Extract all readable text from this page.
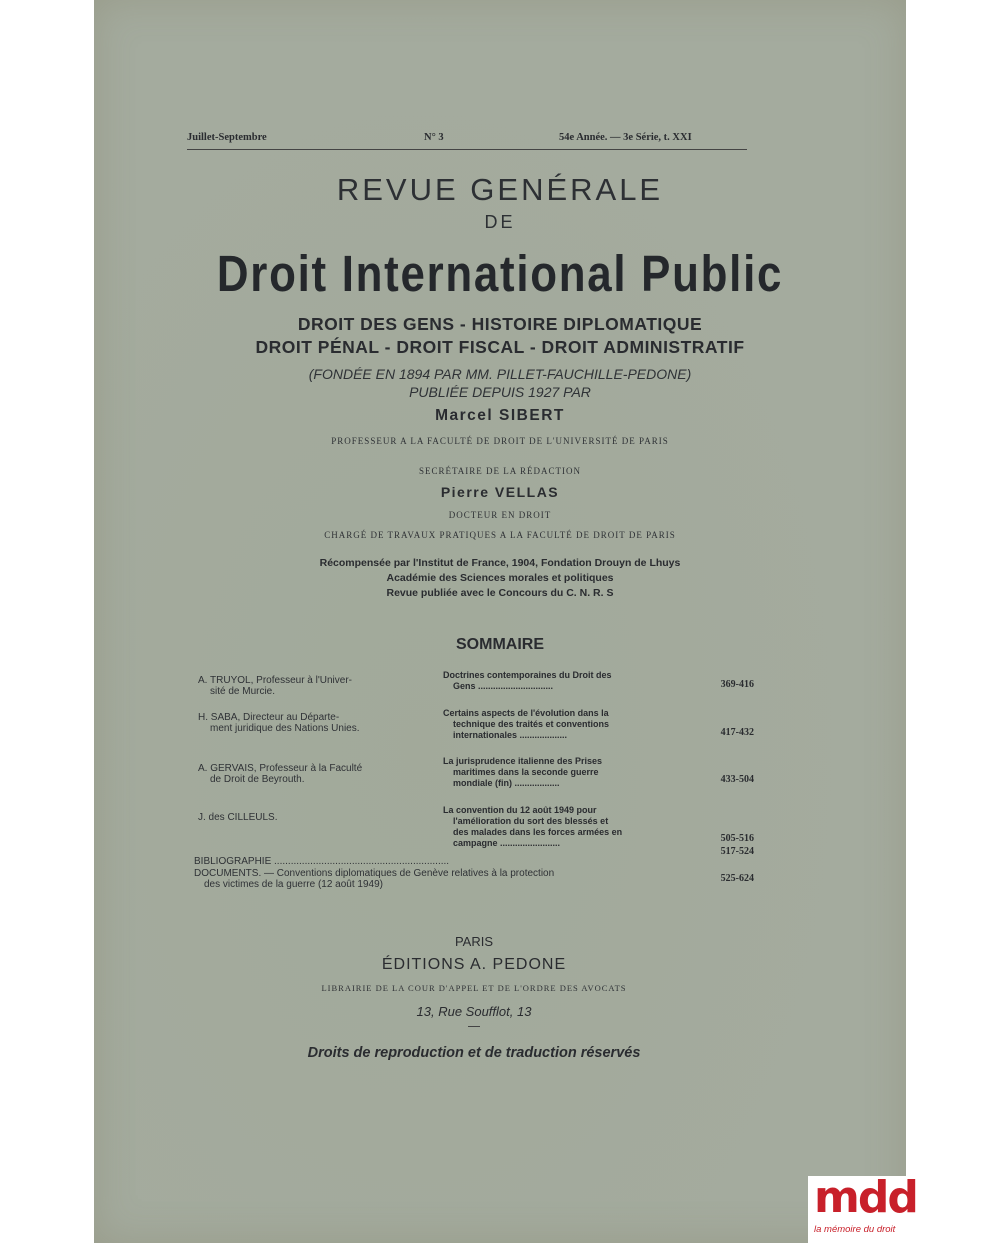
Juillet-Septembre	N° 3	54e Année. — 3e Série, t. XXI
REVUE GENÉRALE
DE
Droit International Public
DROIT DES GENS - HISTOIRE DIPLOMATIQUE
DROIT PÉNAL - DROIT FISCAL - DROIT ADMINISTRATIF
(FONDÉE EN 1894 PAR MM. PILLET-FAUCHILLE-PEDONE)
PUBLIÉE DEPUIS 1927 PAR
Marcel SIBERT
PROFESSEUR A LA FACULTÉ DE DROIT DE L'UNIVERSITÉ DE PARIS
SECRÉTAIRE DE LA RÉDACTION
Pierre VELLAS
DOCTEUR EN DROIT
CHARGÉ DE TRAVAUX PRATIQUES A LA FACULTÉ DE DROIT DE PARIS
Récompensée par l'Institut de France, 1904, Fondation Drouyn de Lhuys
Académie des Sciences morales et politiques
Revue publiée avec le Concours du C. N. R. S
SOMMAIRE
A. TRUYOL, Professeur à l'Univer-
sité de Murcie.
Doctrines contemporaines du Droit des
Gens ..............................	369-416
H. SABA, Directeur au Départe-
ment juridique des Nations Unies.
Certains aspects de l'évolution dans la
technique des traités et conventions
internationales ...................	417-432
A. GERVAIS, Professeur à la Faculté
de Droit de Beyrouth.
La jurisprudence italienne des Prises
maritimes dans la seconde guerre
mondiale (fin) ..................	433-504
J. des CILLEULS.
La convention du 12 août 1949 pour
l'amélioration du sort des blessés et
des malades dans les forces armées en
campagne ........................	505-516
BIBLIOGRAPHIE ...............................................................
517-524
DOCUMENTS. — Conventions diplomatiques de Genève relatives à la protection
des victimes de la guerre (12 août 1949)
525-624
PARIS
ÉDITIONS A. PEDONE
LIBRAIRIE DE LA COUR D'APPEL ET DE L'ORDRE DES AVOCATS
13, Rue Soufflot, 13
Droits de reproduction et de traduction réservés
mdd
la mémoire du droit
